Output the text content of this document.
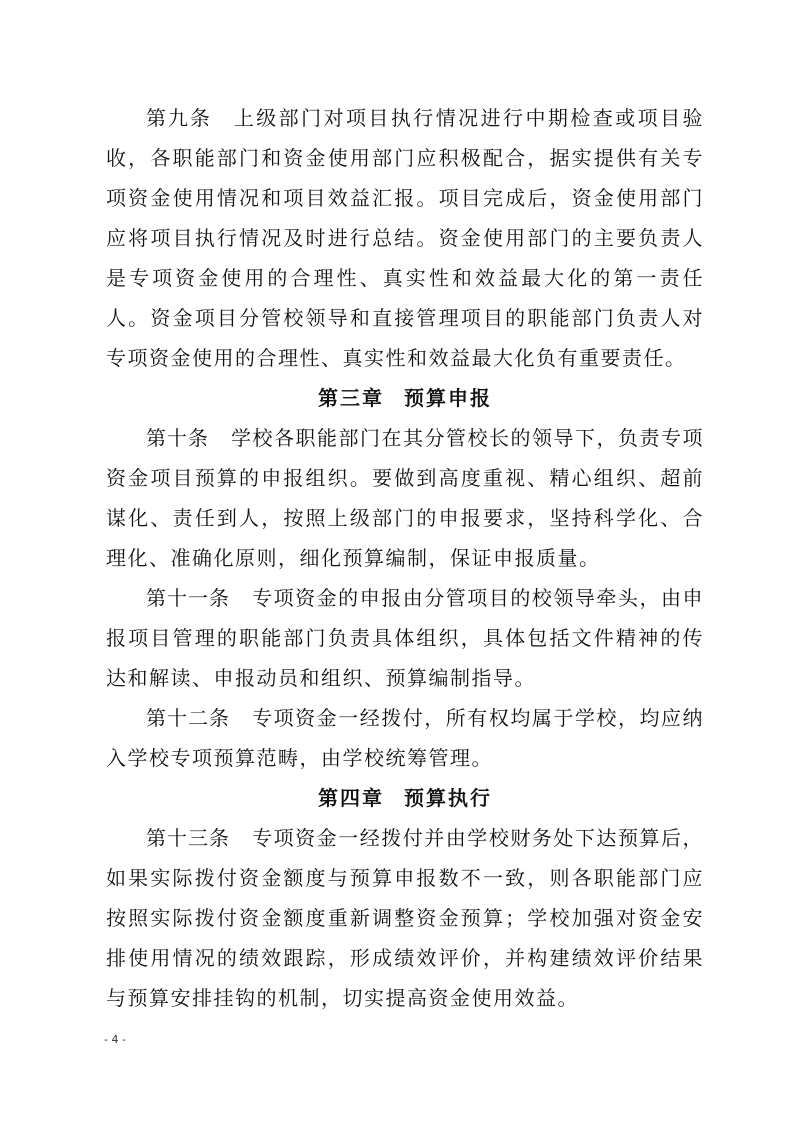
第九条 上级部门对项目执行情况进行中期检查或项目验收，各职能部门和资金使用部门应积极配合，据实提供有关专项资金使用情况和项目效益汇报。项目完成后，资金使用部门应将项目执行情况及时进行总结。资金使用部门的主要负责人是专项资金使用的合理性、真实性和效益最大化的第一责任人。资金项目分管校领导和直接管理项目的职能部门负责人对专项资金使用的合理性、真实性和效益最大化负有重要责任。

第三章 预算申报

第十条 学校各职能部门在其分管校长的领导下，负责专项资金项目预算的申报组织。要做到高度重视、精心组织、超前谋化、责任到人，按照上级部门的申报要求，坚持科学化、合理化、准确化原则，细化预算编制，保证申报质量。

第十一条 专项资金的申报由分管项目的校领导牵头，由申报项目管理的职能部门负责具体组织，具体包括文件精神的传达和解读、申报动员和组织、预算编制指导。

第十二条 专项资金一经拨付，所有权均属于学校，均应纳入学校专项预算范畴，由学校统筹管理。

第四章 预算执行

第十三条 专项资金一经拨付并由学校财务处下达预算后，如果实际拨付资金额度与预算申报数不一致，则各职能部门应按照实际拨付资金额度重新调整资金预算；学校加强对资金安排使用情况的绩效跟踪，形成绩效评价，并构建绩效评价结果与预算安排挂钩的机制，切实提高资金使用效益。

- 4 -
